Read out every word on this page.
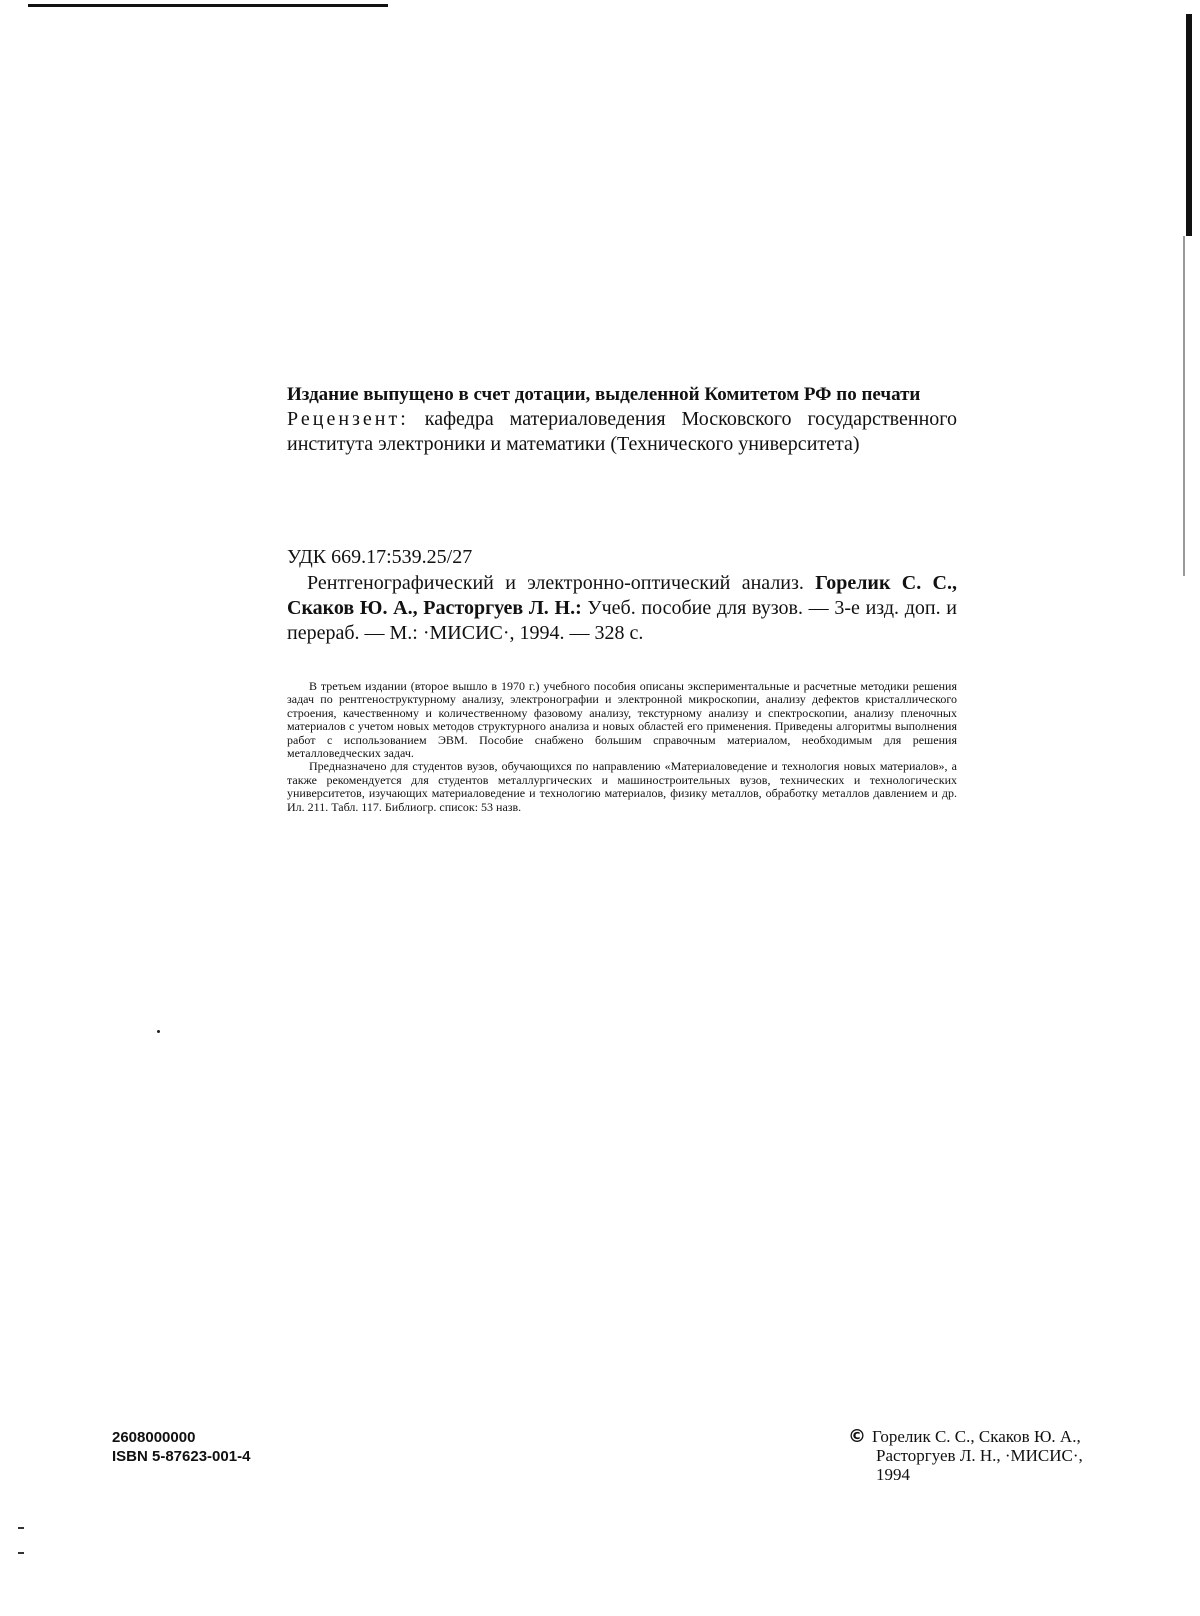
Издание выпущено в счет дотации, выделенной Комитетом РФ по печати

Рецензент: кафедра материаловедения Московского государственного института электроники и математики (Технического университета)

УДК 669.17:539.25/27

Рентгенографический и электронно-оптический анализ. Горелик С. С., Скаков Ю. А., Расторгуев Л. Н.: Учеб. пособие для вузов. — 3-е изд. доп. и перераб. — М.: ·МИСИС·, 1994. — 328 с.

В третьем издании (второе вышло в 1970 г.) учебного пособия описаны экспериментальные и расчетные методики решения задач по рентгеноструктурному анализу, электронографии и электронной микроскопии, анализу дефектов кристаллического строения, качественному и количественному фазовому анализу, текстурному анализу и спектроскопии, анализу пленочных материалов с учетом новых методов структурного анализа и новых областей его применения. Приведены алгоритмы выполнения работ с использованием ЭВМ. Пособие снабжено большим справочным материалом, необходимым для решения металловедческих задач.

Предназначено для студентов вузов, обучающихся по направлению «Материаловедение и технология новых материалов», а также рекомендуется для студентов металлургических и машиностроительных вузов, технических и технологических университетов, изучающих материаловедение и технологию материалов, физику металлов, обработку металлов давлением и др. Ил. 211. Табл. 117. Библиогр. список: 53 назв.

2608000000
ISBN 5-87623-001-4
© Горелик С. С., Скаков Ю. А.,
Расторгуев Л. Н., ·МИСИС·,
1994
